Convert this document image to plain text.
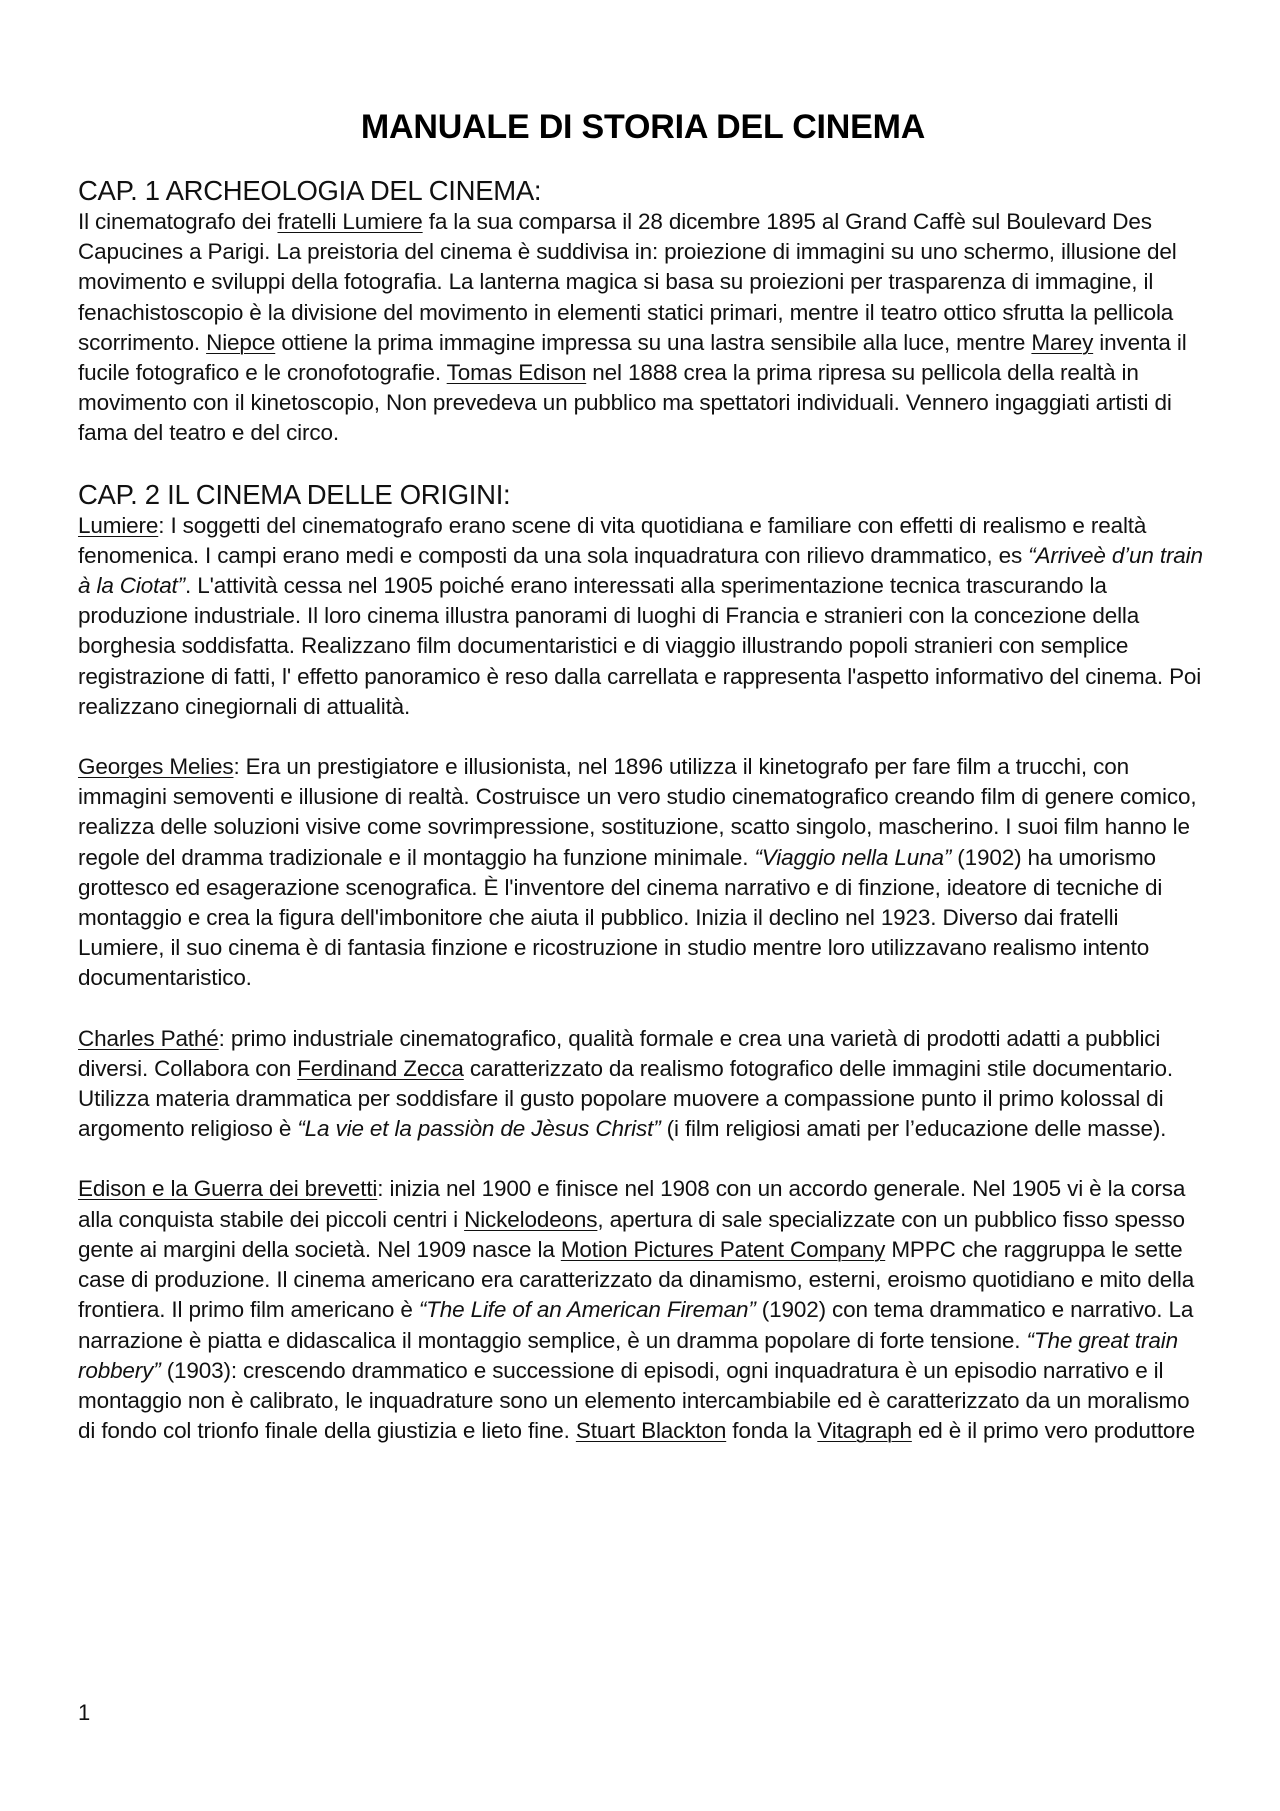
MANUALE DI STORIA DEL CINEMA
CAP. 1 ARCHEOLOGIA DEL CINEMA:

Il cinematografo dei fratelli Lumiere fa la sua comparsa il 28 dicembre 1895 al Grand Caffè sul Boulevard Des Capucines a Parigi. La preistoria del cinema è suddivisa in: proiezione di immagini su uno schermo, illusione del movimento e sviluppi della fotografia. La lanterna magica si basa su proiezioni per trasparenza di immagine, il fenachistoscopio è la divisione del movimento in elementi statici primari, mentre il teatro ottico sfrutta la pellicola scorrimento. Niepce ottiene la prima immagine impressa su una lastra sensibile alla luce, mentre Marey inventa il fucile fotografico e le cronofotografie. Tomas Edison nel 1888 crea la prima ripresa su pellicola della realtà in movimento con il kinetoscopio, Non prevedeva un pubblico ma spettatori individuali. Vennero ingaggiati artisti di fama del teatro e del circo.

CAP. 2 IL CINEMA DELLE ORIGINI:

Lumiere: I soggetti del cinematografo erano scene di vita quotidiana e familiare con effetti di realismo e realtà fenomenica. I campi erano medi e composti da una sola inquadratura con rilievo drammatico, es “Arriveè d’un train à la Ciotat”. L'attività cessa nel 1905 poiché erano interessati alla sperimentazione tecnica trascurando la produzione industriale. Il loro cinema illustra panorami di luoghi di Francia e stranieri con la concezione della borghesia soddisfatta. Realizzano film documentaristici e di viaggio illustrando popoli stranieri con semplice registrazione di fatti, l' effetto panoramico è reso dalla carrellata e rappresenta l'aspetto informativo del cinema. Poi realizzano cinegiornali di attualità.

Georges Melies: Era un prestigiatore e illusionista, nel 1896 utilizza il kinetografo per fare film a trucchi, con immagini semoventi e illusione di realtà. Costruisce un vero studio cinematografico creando film di genere comico, realizza delle soluzioni visive come sovrimpressione, sostituzione, scatto singolo, mascherino. I suoi film hanno le regole del dramma tradizionale e il montaggio ha funzione minimale. “Viaggio nella Luna” (1902) ha umorismo grottesco ed esagerazione scenografica. È l'inventore del cinema narrativo e di finzione, ideatore di tecniche di montaggio e crea la figura dell'imbonitore che aiuta il pubblico. Inizia il declino nel 1923. Diverso dai fratelli Lumiere, il suo cinema è di fantasia finzione e ricostruzione in studio mentre loro utilizzavano realismo intento documentaristico.

Charles Pathé: primo industriale cinematografico, qualità formale e crea una varietà di prodotti adatti a pubblici diversi. Collabora con Ferdinand Zecca caratterizzato da realismo fotografico delle immagini stile documentario. Utilizza materia drammatica per soddisfare il gusto popolare muovere a compassione punto il primo kolossal di argomento religioso è “La vie et la passiòn de Jèsus Christ” (i film religiosi amati per l’educazione delle masse).

Edison e la Guerra dei brevetti: inizia nel 1900 e finisce nel 1908 con un accordo generale. Nel 1905 vi è la corsa alla conquista stabile dei piccoli centri i Nickelodeons, apertura di sale specializzate con un pubblico fisso spesso gente ai margini della società. Nel 1909 nasce la Motion Pictures Patent Company MPPC che raggruppa le sette case di produzione. Il cinema americano era caratterizzato da dinamismo, esterni, eroismo quotidiano e mito della frontiera. Il primo film americano è “The Life of an American Fireman” (1902) con tema drammatico e narrativo. La narrazione è piatta e didascalica il montaggio semplice, è un dramma popolare di forte tensione. “The great train robbery” (1903): crescendo drammatico e successione di episodi, ogni inquadratura è un episodio narrativo e il montaggio non è calibrato, le inquadrature sono un elemento intercambiabile ed è caratterizzato da un moralismo di fondo col trionfo finale della giustizia e lieto fine. Stuart Blackton fonda la Vitagraph ed è il primo vero produttore

1
